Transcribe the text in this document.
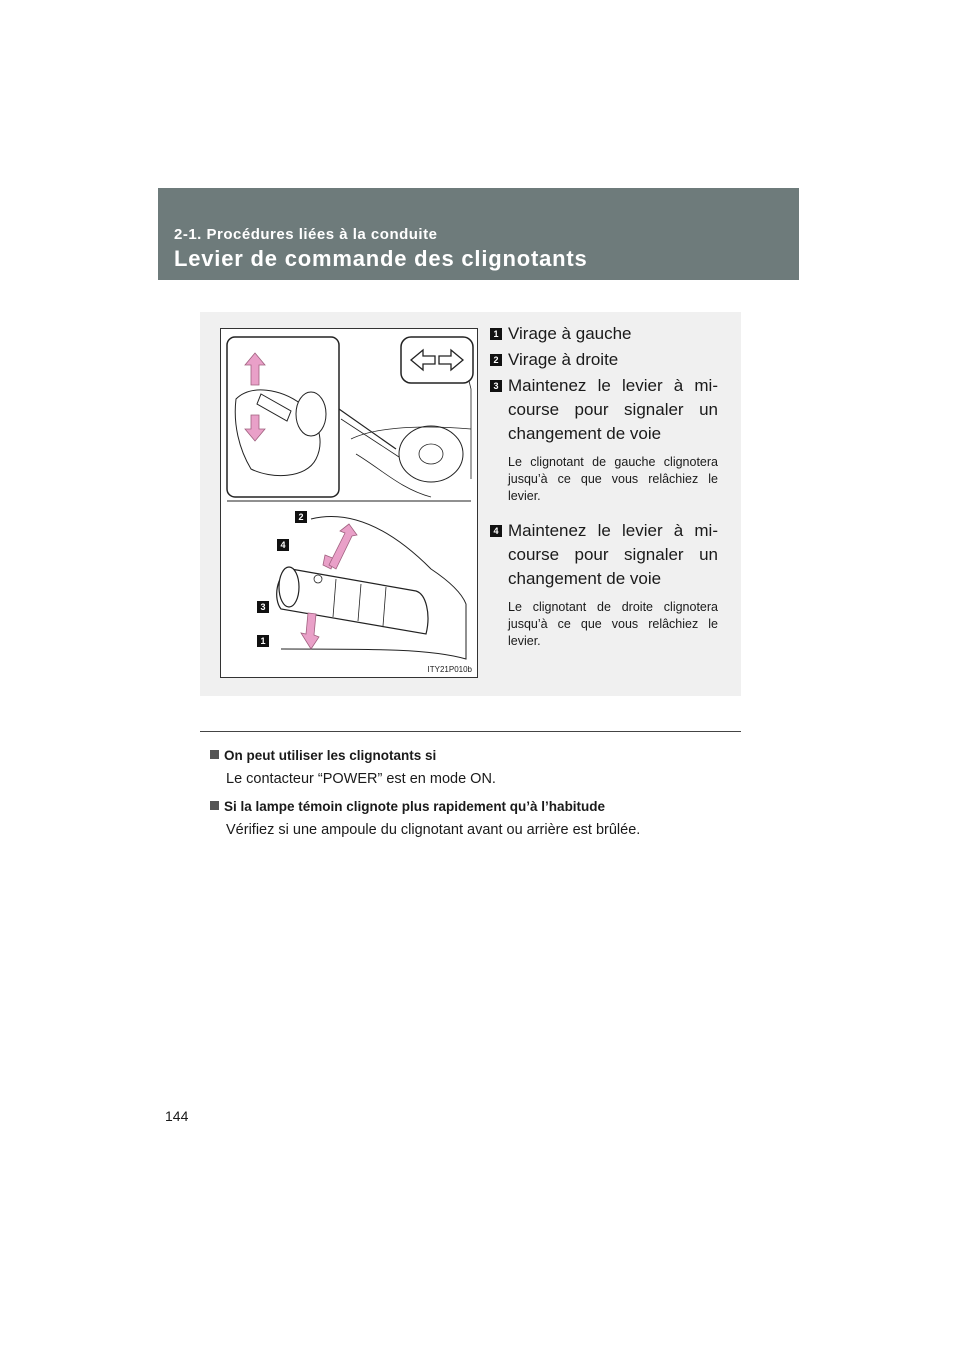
2-1. Procédures liées à la conduite
Levier de commande des clignotants
2
4
3
1
ITY21P010b
1 Virage à gauche
2 Virage à droite
3 Maintenez le levier à mi-course pour signaler un changement de voie
Le clignotant de gauche clignotera jusqu’à ce que vous relâchiez le levier.
4 Maintenez le levier à mi-course pour signaler un changement de voie
Le clignotant de droite clignotera jusqu’à ce que vous relâchiez le levier.
On peut utiliser les clignotants si
Le contacteur “POWER” est en mode ON.
Si la lampe témoin clignote plus rapidement qu’à l’habitude
Vérifiez si une ampoule du clignotant avant ou arrière est brûlée.
144
